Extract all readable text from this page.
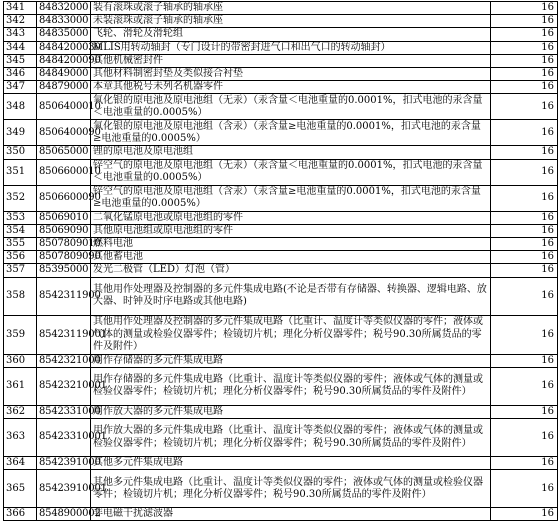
341	84832000	装有滚珠或滚子轴承的轴承座	16
342	84833000	未装滚珠或滚子轴承的轴承座	16
343	84835000	飞轮、滑轮及滑轮组	16
344	8484200030	MLIS用转动轴封（专门设计的带密封进气口和出气口的转动轴封）	16
345	8484200090	其他机械密封件	16
346	84849000	其他材料制密封垫及类似接合衬垫	16
347	84879000	本章其他税号未列名机器零件	16
348	8506400010	氧化银的原电池及原电池组（无汞）（汞含量＜电池重量的0.0001%，扣式电池的汞含量＜电池重量的0.0005%）	16
349	8506400090	氧化银的原电池及原电池组（含汞）（汞含量≥电池重量的0.0001%，扣式电池的汞含量≥电池重量的0.0005%）	16
350	85065000	锂的原电池及原电池组	16
351	8506600010	锌空气的原电池及原电池组（无汞）（汞含量＜电池重量的0.0001%，扣式电池的汞含量＜电池重量的0.0005%）	16
352	8506600090	锌空气的原电池及原电池组（含汞）（汞含量≥电池重量的0.0001%，扣式电池的汞含量≥电池重量的0.0005%）	16
353	85069010	二氧化锰原电池或原电池组的零件	16
354	85069090	其他原电池组或原电池组的零件	16
355	8507809010	燃料电池	16
356	8507809090	其他蓄电池	16
357	85395000	发光二极管（LED）灯泡（管）	16
358	8542311900	其他用作处理器及控制器的多元件集成电路(不论是否带有存储器、转换器、逻辑电路、放大器、时钟及时序电路或其他电路)	16
359	85423119001	其他用作处理器及控制器的多元件集成电路（比重计、温度计等类似仪器的零件；液体或气体的测量或检验仪器零件；检镜切片机；理化分析仪器零件；税号90.30所属货品的零件及附件）	16
360	8542321000	用作存储器的多元件集成电路	16
361	85423210001	用作存储器的多元件集成电路（比重计、温度计等类似仪器的零件；液体或气体的测量或检验仪器零件；检镜切片机；理化分析仪器零件；税号90.30所属货品的零件及附件）	16
362	8542331000	用作放大器的多元件集成电路	16
363	85423310001	用作放大器的多元件集成电路（比重计、温度计等类似仪器的零件；液体或气体的测量或检验仪器零件；检镜切片机；理化分析仪器零件；税号90.30所属货品的零件及附件）	16
364	8542391000	其他多元件集成电路	16
365	85423910001	其他多元件集成电路（比重计、温度计等类似仪器的零件；液体或气体的测量或检验仪器零件；检镜切片机；理化分析仪器零件；税号90.30所属货品的零件及附件）	16
366	8548900002	非电磁干扰滤波器	16
